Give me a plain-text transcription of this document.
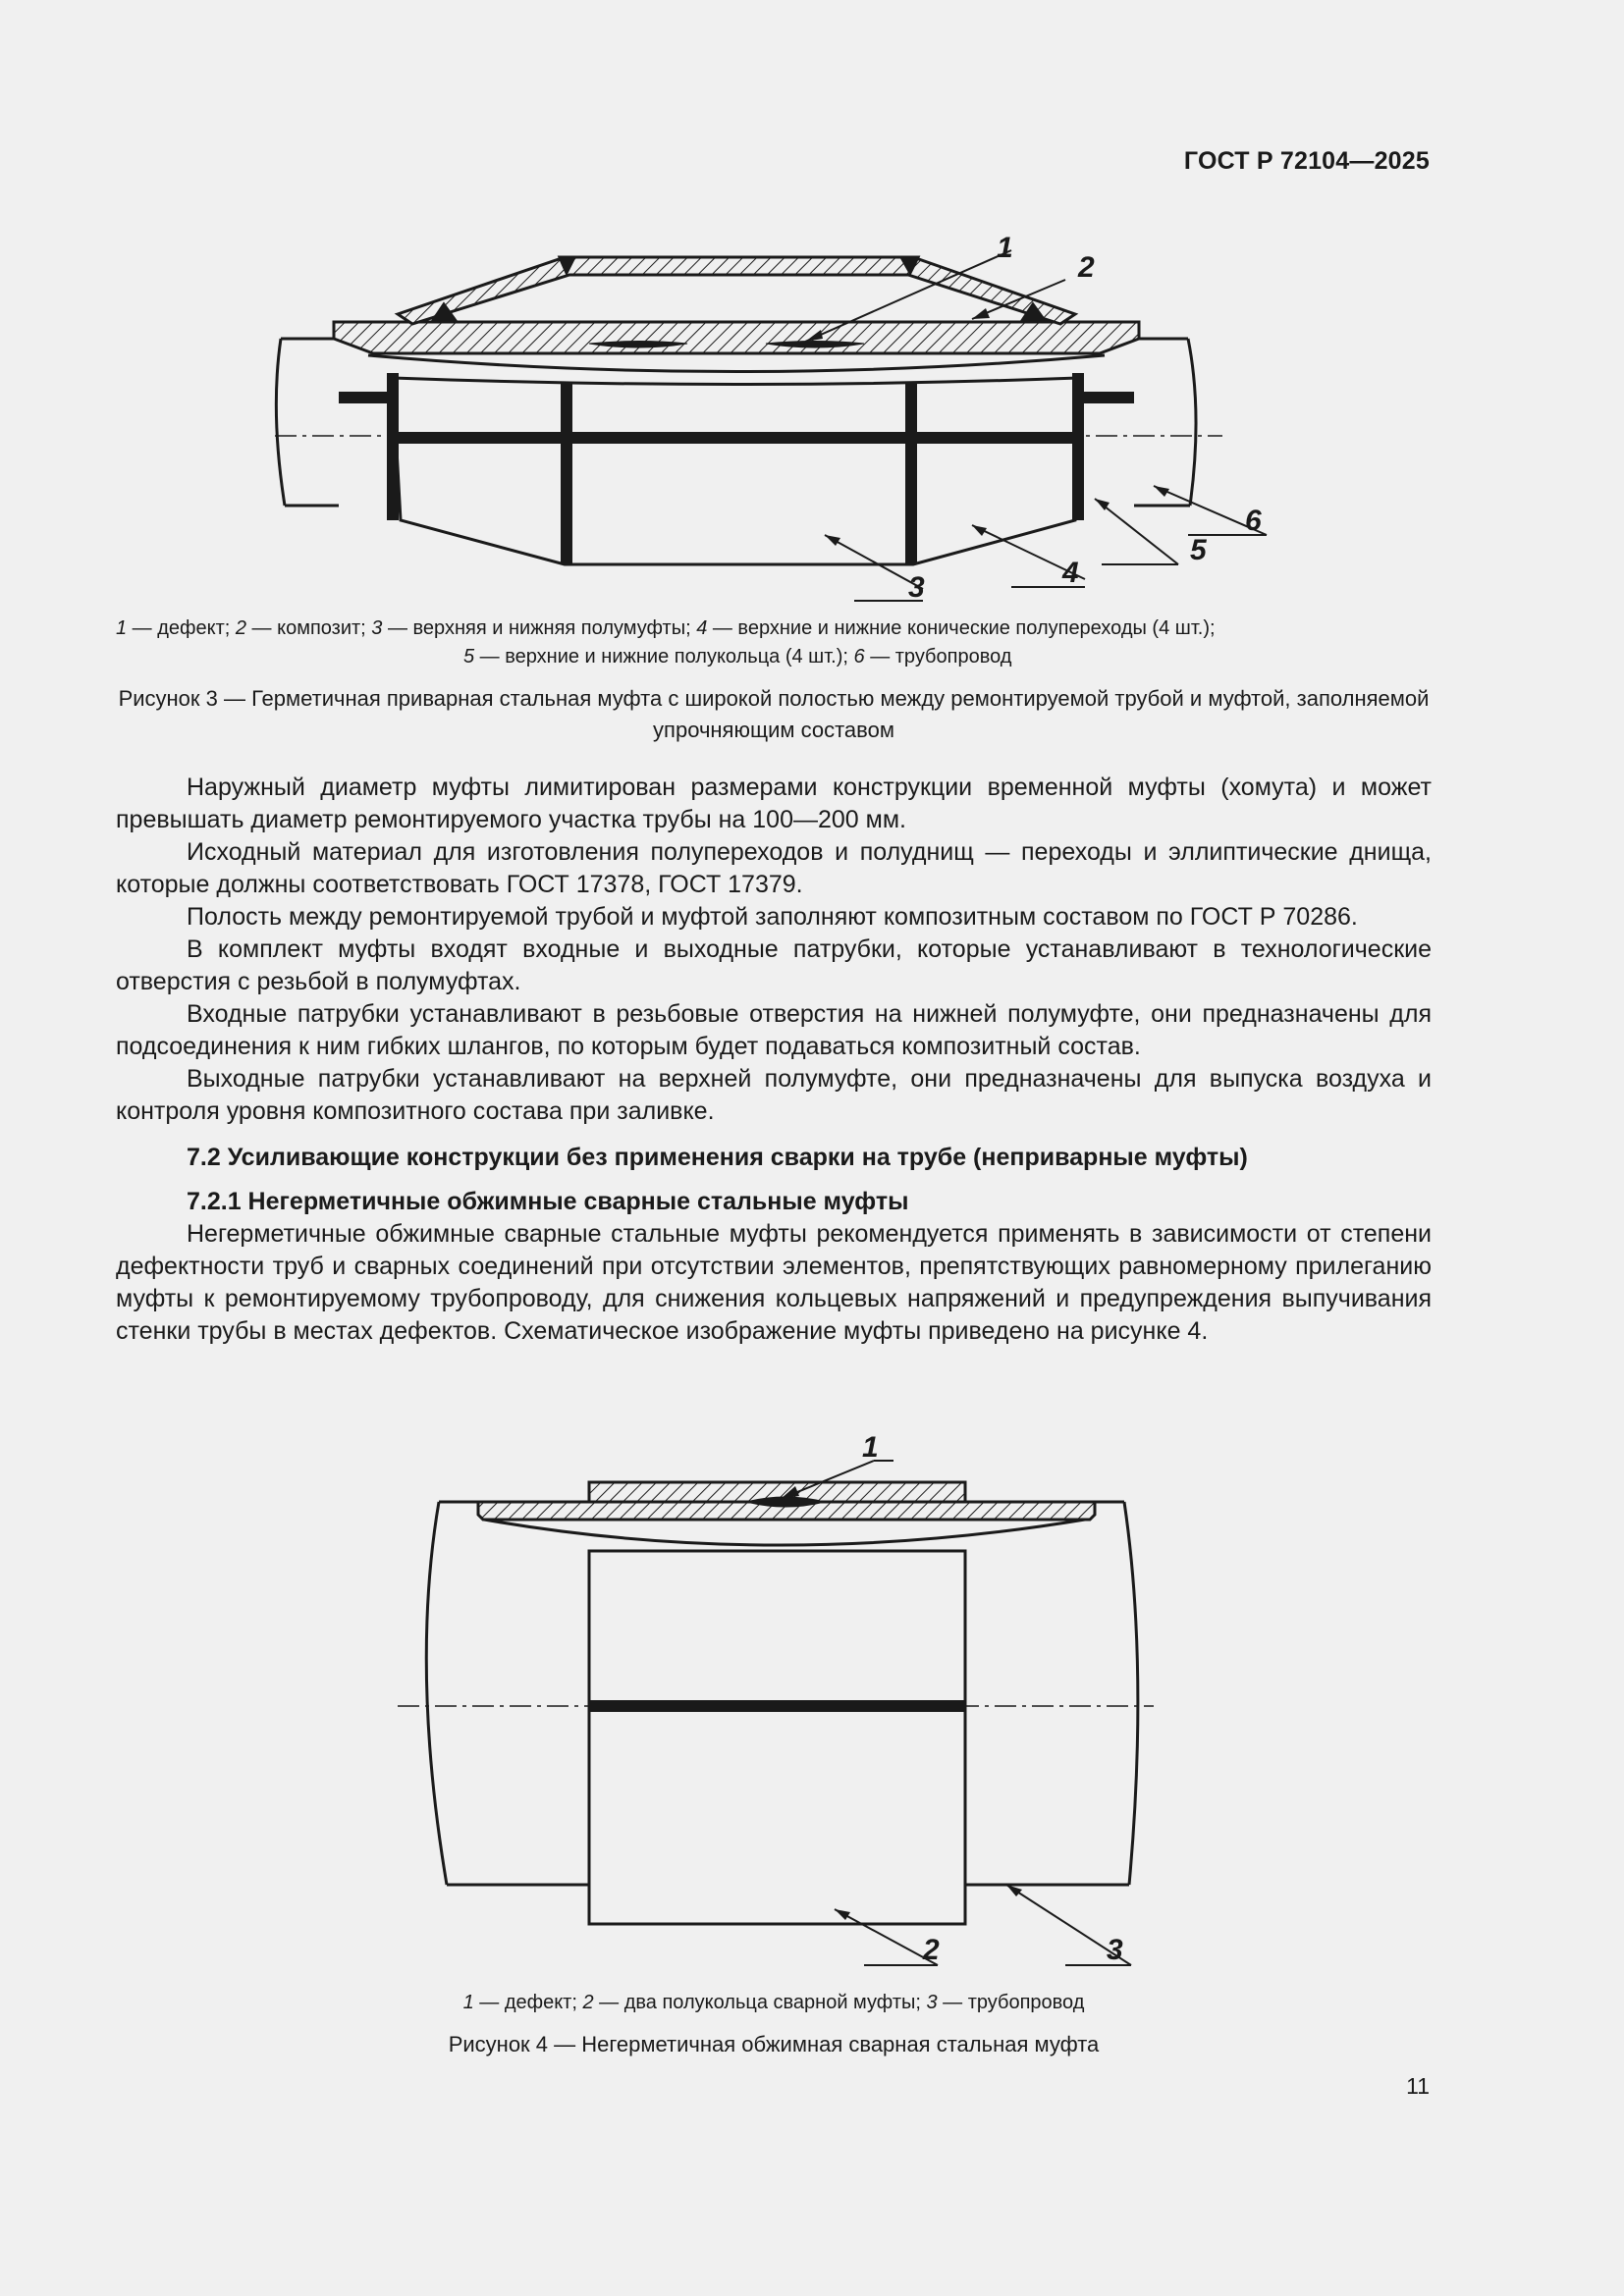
ГОСТ Р 72104—2025
1
2
3	4
5
6
1 — дефект; 2 — композит; 3 — верхняя и нижняя полумуфты; 4 — верхние и нижние конические полупереходы (4 шт.);
5 — верхние и нижние полукольца (4 шт.); 6 — трубопровод
Рисунок 3 — Герметичная приварная стальная муфта с широкой полостью между ремонтируемой трубой и муфтой, заполняемой упрочняющим составом

Наружный диаметр муфты лимитирован размерами конструкции временной муфты (хомута) и может превышать диаметр ремонтируемого участка трубы на 100—200 мм.

Исходный материал для изготовления полупереходов и полуднищ — переходы и эллиптические днища, которые должны соответствовать ГОСТ 17378, ГОСТ 17379.

Полость между ремонтируемой трубой и муфтой заполняют композитным составом по ГОСТ Р 70286.

В комплект муфты входят входные и выходные патрубки, которые устанавливают в технологические отверстия с резьбой в полумуфтах.

Входные патрубки устанавливают в резьбовые отверстия на нижней полумуфте, они предназначены для подсоединения к ним гибких шлангов, по которым будет подаваться композитный состав.

Выходные патрубки устанавливают на верхней полумуфте, они предназначены для выпуска воздуха и контроля уровня композитного состава при заливке.

7.2 Усиливающие конструкции без применения сварки на трубе (неприварные муфты)
7.2.1 Негерметичные обжимные сварные стальные муфты

Негерметичные обжимные сварные стальные муфты рекомендуется применять в зависимости от степени дефектности труб и сварных соединений при отсутствии элементов, препятствующих равномерному прилеганию муфты к ремонтируемому трубопроводу, для снижения кольцевых напряжений и предупреждения выпучивания стенки трубы в местах дефектов. Схематическое изображение муфты приведено на рисунке 4.

1
2	3
1 — дефект; 2 — два полукольца сварной муфты; 3 — трубопровод
Рисунок 4 — Негерметичная обжимная сварная стальная муфта
11
